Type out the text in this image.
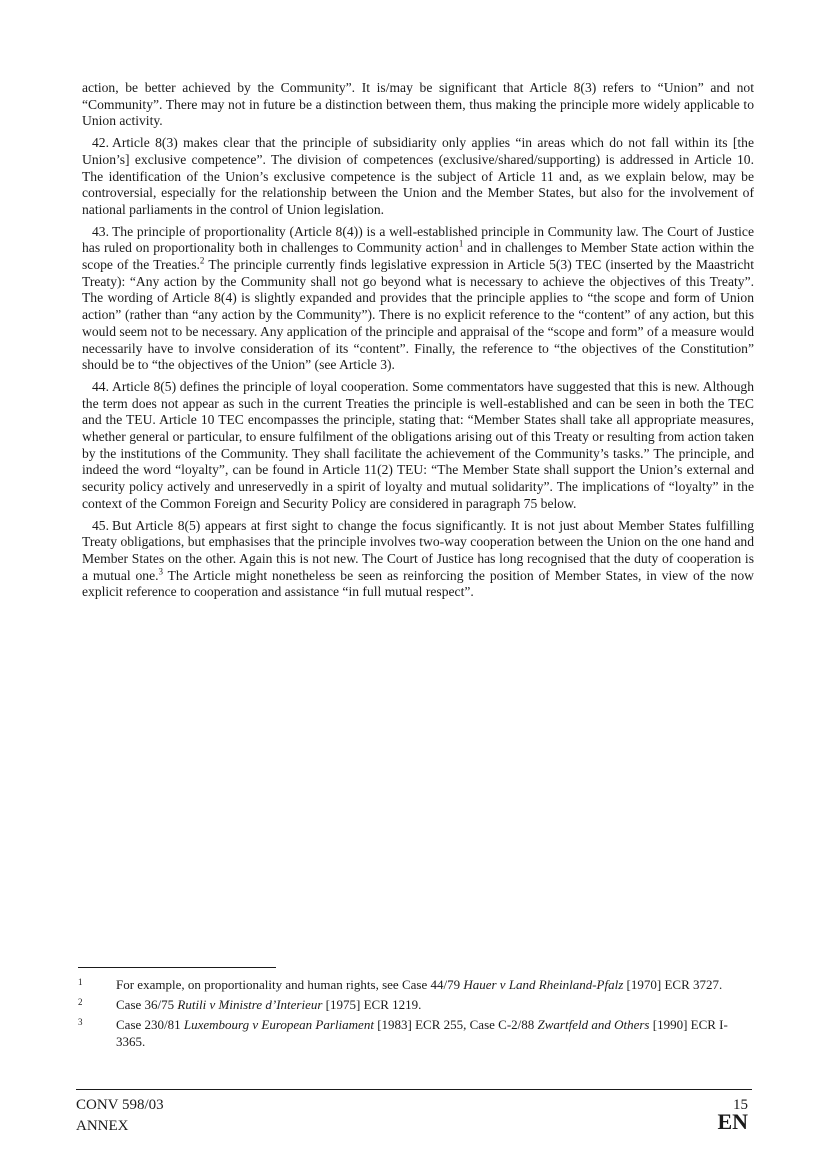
action, be better achieved by the Community”. It is/may be significant that Article 8(3) refers to “Union” and not “Community”. There may not in future be a distinction between them, thus making the principle more widely applicable to Union activity.

42. Article 8(3) makes clear that the principle of subsidiarity only applies “in areas which do not fall within its [the Union’s] exclusive competence”. The division of competences (exclusive/shared/supporting) is addressed in Article 10. The identification of the Union’s exclusive competence is the subject of Article 11 and, as we explain below, may be controversial, especially for the relationship between the Union and the Member States, but also for the involvement of national parliaments in the control of Union legislation.

43. The principle of proportionality (Article 8(4)) is a well-established principle in Community law. The Court of Justice has ruled on proportionality both in challenges to Community action$^1$ and in challenges to Member State action within the scope of the Treaties.$^2$ The principle currently finds legislative expression in Article 5(3) TEC (inserted by the Maastricht Treaty): “Any action by the Community shall not go beyond what is necessary to achieve the objectives of this Treaty”. The wording of Article 8(4) is slightly expanded and provides that the principle applies to “the scope and form of Union action” (rather than “any action by the Community”). There is no explicit reference to the “content” of any action, but this would seem not to be necessary. Any application of the principle and appraisal of the “scope and form” of a measure would necessarily have to involve consideration of its “content”. Finally, the reference to “the objectives of the Constitution” should be to “the objectives of the Union” (see Article 3).

44. Article 8(5) defines the principle of loyal cooperation. Some commentators have suggested that this is new. Although the term does not appear as such in the current Treaties the principle is well-established and can be seen in both the TEC and the TEU. Article 10 TEC encompasses the principle, stating that: “Member States shall take all appropriate measures, whether general or particular, to ensure fulfilment of the obligations arising out of this Treaty or resulting from action taken by the institutions of the Community. They shall facilitate the achievement of the Community’s tasks.” The principle, and indeed the word “loyalty”, can be found in Article 11(2) TEU: “The Member State shall support the Union’s external and security policy actively and unreservedly in a spirit of loyalty and mutual solidarity”. The implications of “loyalty” in the context of the Common Foreign and Security Policy are considered in paragraph 75 below.

45. But Article 8(5) appears at first sight to change the focus significantly. It is not just about Member States fulfilling Treaty obligations, but emphasises that the principle involves two-way cooperation between the Union on the one hand and Member States on the other. Again this is not new. The Court of Justice has long recognised that the duty of cooperation is a mutual one.$^3$ The Article might nonetheless be seen as reinforcing the position of Member States, in view of the now explicit reference to cooperation and assistance “in full mutual respect”.

1	For example, on proportionality and human rights, see Case 44/79 Hauer v Land Rheinland-Pfalz [1970] ECR 3727.
2	Case 36/75 Rutili v Ministre d’Interieur [1975] ECR 1219.
3	Case 230/81 Luxembourg v European Parliament [1983] ECR 255, Case C-2/88 Zwartfeld and Others [1990] ECR I-3365.
CONV 598/03
ANNEX
15
EN
